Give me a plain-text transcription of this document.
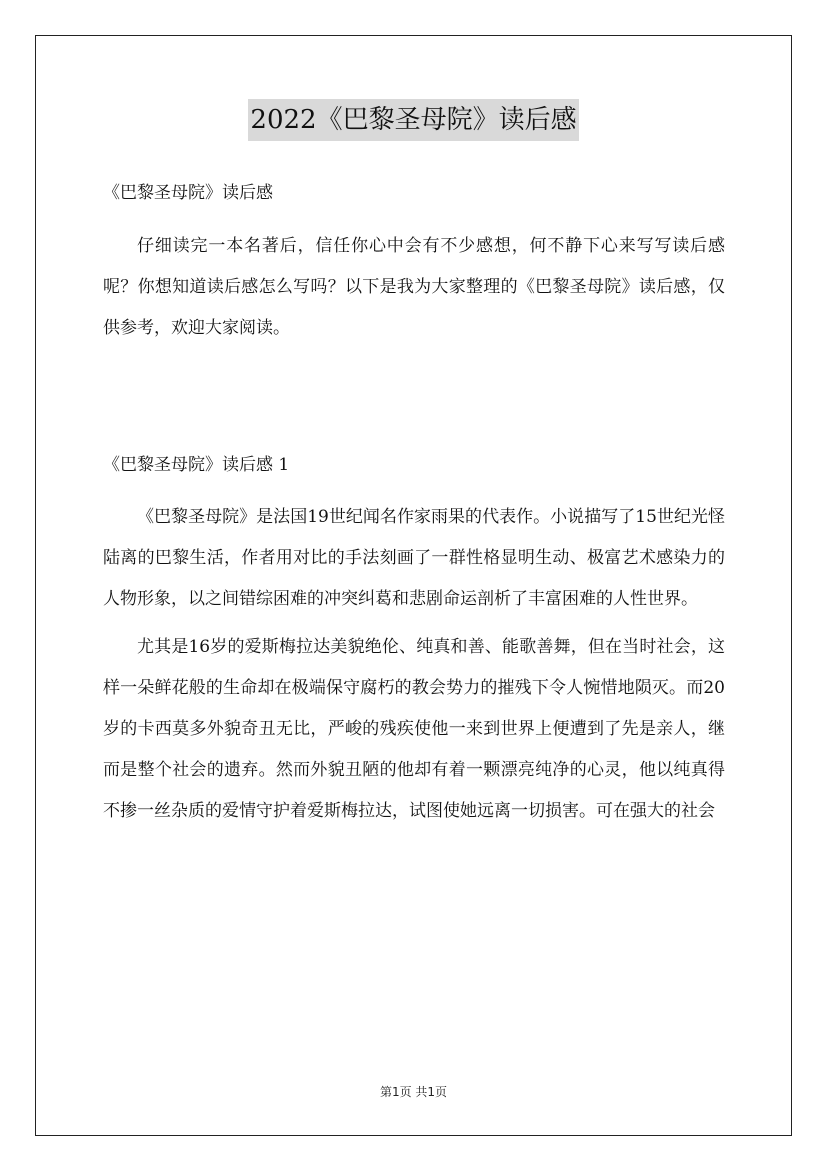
2022《巴黎圣母院》读后感

《巴黎圣母院》读后感

仔细读完一本名著后，信任你心中会有不少感想，何不静下心来写写读后感呢？你想知道读后感怎么写吗？以下是我为大家整理的《巴黎圣母院》读后感，仅供参考，欢迎大家阅读。

《巴黎圣母院》读后感 1

《巴黎圣母院》是法国19世纪闻名作家雨果的代表作。小说描写了15世纪光怪陆离的巴黎生活，作者用对比的手法刻画了一群性格显明生动、极富艺术感染力的人物形象，以之间错综困难的冲突纠葛和悲剧命运剖析了丰富困难的人性世界。

尤其是16岁的爱斯梅拉达美貌绝伦、纯真和善、能歌善舞，但在当时社会，这样一朵鲜花般的生命却在极端保守腐朽的教会势力的摧残下令人惋惜地陨灭。而20岁的卡西莫多外貌奇丑无比，严峻的残疾使他一来到世界上便遭到了先是亲人，继而是整个社会的遗弃。然而外貌丑陋的他却有着一颗漂亮纯净的心灵，他以纯真得不掺一丝杂质的爱情守护着爱斯梅拉达，试图使她远离一切损害。可在强大的社会

第1页 共1页
